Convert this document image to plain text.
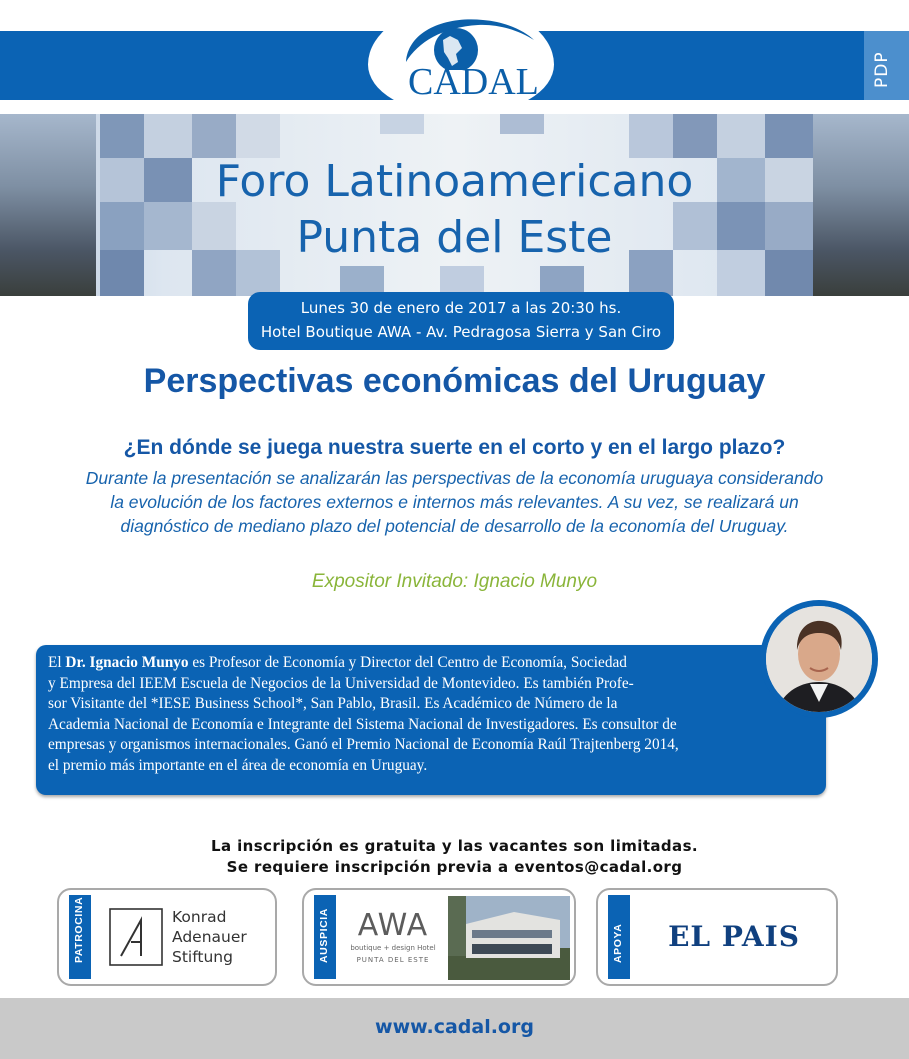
PDP
CADAL
Foro Latinoamericano
Punta del Este
Lunes 30 de enero de 2017 a las 20:30 hs.
Hotel Boutique AWA - Av. Pedragosa Sierra y San Ciro
Perspectivas económicas del Uruguay
¿En dónde se juega nuestra suerte en el corto y en el largo plazo?
Durante la presentación se analizarán las perspectivas de la economía uruguaya considerando
la evolución de los factores externos e internos más relevantes. A su vez, se realizará un
diagnóstico de mediano plazo del potencial de desarrollo de la economía del Uruguay.
Expositor Invitado: Ignacio Munyo
El Dr. Ignacio Munyo es Profesor de Economía y Director del Centro de Economía, Sociedad
y Empresa del IEEM Escuela de Negocios de la Universidad de Montevideo. Es también Profe-
sor Visitante del *IESE Business School*, San Pablo, Brasil. Es Académico de Número de la
Academia Nacional de Economía e Integrante del Sistema Nacional de Investigadores. Es consultor de
empresas y organismos internacionales. Ganó el Premio Nacional de Economía Raúl Trajtenberg 2014,
el premio más importante en el área de economía en Uruguay.
La inscripción es gratuita y las vacantes son limitadas.
Se requiere inscripción previa a eventos@cadal.org
PATROCINA	Konrad
Adenauer
Stiftung	AUSPICIA AWA
boutique + design Hotel
PUNTA DEL ESTE	APOYA	EL PAIS
www.cadal.org
